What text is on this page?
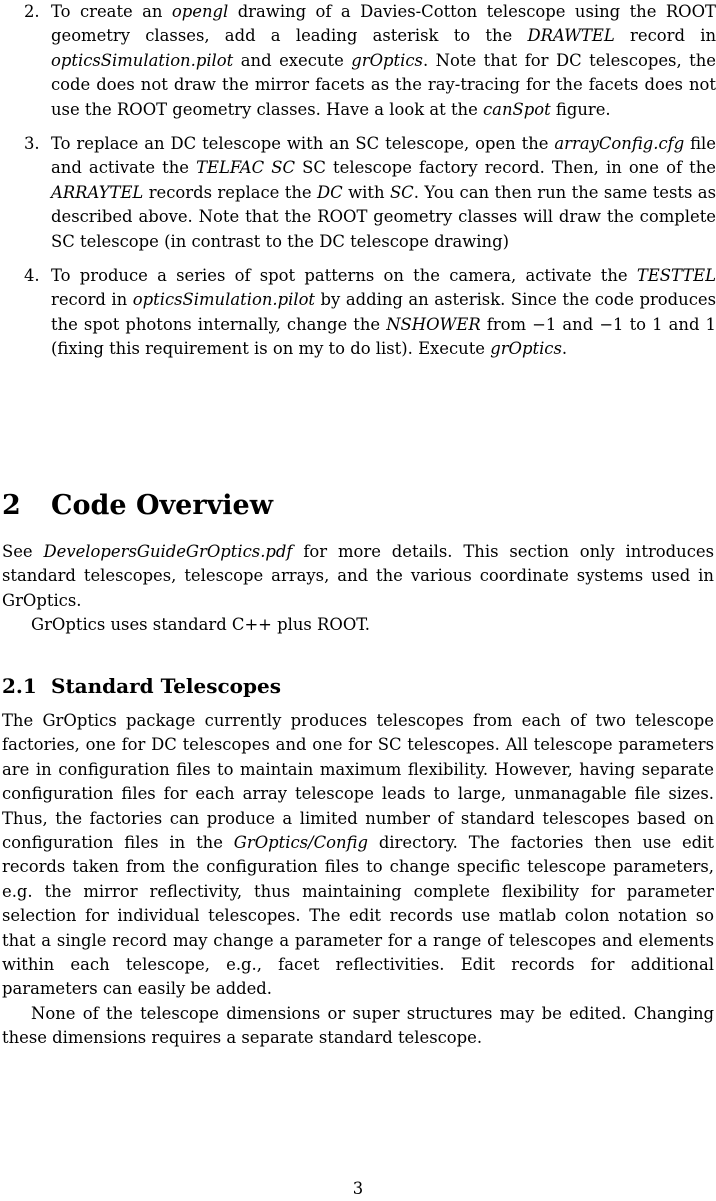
2. To create an opengl drawing of a Davies-Cotton telescope using the ROOT geometry classes, add a leading asterisk to the DRAWTEL record in opticsSimulation.pilot and execute grOptics. Note that for DC telescopes, the code does not draw the mirror facets as the ray-tracing for the facets does not use the ROOT geometry classes. Have a look at the canSpot figure.

3. To replace an DC telescope with an SC telescope, open the arrayConfig.cfg file and activate the TELFAC SC SC telescope factory record. Then, in one of the ARRAYTEL records replace the DC with SC. You can then run the same tests as described above. Note that the ROOT geometry classes will draw the complete SC telescope (in contrast to the DC telescope drawing)

4. To produce a series of spot patterns on the camera, activate the TESTTEL record in opticsSimulation.pilot by adding an asterisk. Since the code produces the spot photons internally, change the NSHOWER from −1 and −1 to 1 and 1 (fixing this requirement is on my to do list). Execute grOptics.

2 Code Overview

See DevelopersGuideGrOptics.pdf for more details. This section only introduces standard telescopes, telescope arrays, and the various coordinate systems used in GrOptics.

GrOptics uses standard C++ plus ROOT.

2.1 Standard Telescopes

The GrOptics package currently produces telescopes from each of two telescope factories, one for DC telescopes and one for SC telescopes. All telescope parameters are in configuration files to maintain maximum flexibility. However, having separate configuration files for each array telescope leads to large, unmanagable file sizes. Thus, the factories can produce a limited number of standard telescopes based on configuration files in the GrOptics/Config directory. The factories then use edit records taken from the configuration files to change specific telescope parameters, e.g. the mirror reflectivity, thus maintaining complete flexibility for parameter selection for individual telescopes. The edit records use matlab colon notation so that a single record may change a parameter for a range of telescopes and elements within each telescope, e.g., facet reflectivities. Edit records for additional parameters can easily be added.

None of the telescope dimensions or super structures may be edited. Changing these dimensions requires a separate standard telescope.

3
